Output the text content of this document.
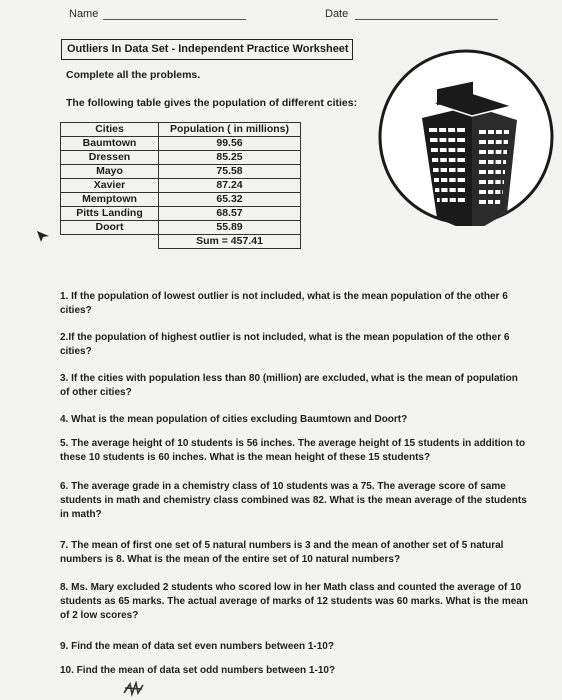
Name	Date
Outliers In Data Set - Independent Practice Worksheet
Complete all the problems.
The following table gives the population of different cities:
Cities	Population ( in millions)
Baumtown	99.56
Dressen	85.25
Mayo	75.58
Xavier	87.24
Memptown	65.32
Pitts Landing	68.57
Doort	55.89
	Sum = 457.41
1. If the population of lowest outlier is not included, what is the mean population of the other 6 cities?
2.If the population of highest outlier is not included, what is the mean population of the other 6 cities?
3. If the cities with population less than 80 (million) are excluded, what is the mean of population of other cities?
4. What is the mean population of cities excluding Baumtown and Doort?
5. The average height of 10 students is 56 inches. The average height of 15 students in addition to these 10 students is 60 inches. What is the mean height of these 15 students?
6. The average grade in a chemistry class of 10 students was a 75. The average score of same students in math and chemistry class combined was 82. What is the mean average of the students in math?
7. The mean of first one set of 5 natural numbers is 3 and the mean of another set of 5 natural numbers is 8. What is the mean of the entire set of 10 natural numbers?
8. Ms. Mary excluded 2 students who scored low in her Math class and counted the average of 10 students as 65 marks. The actual average of marks of 12 students was 60 marks. What is the mean of 2 low scores?
9. Find the mean of data set even numbers between 1-10?
10. Find the mean of data set odd numbers between 1-10?
